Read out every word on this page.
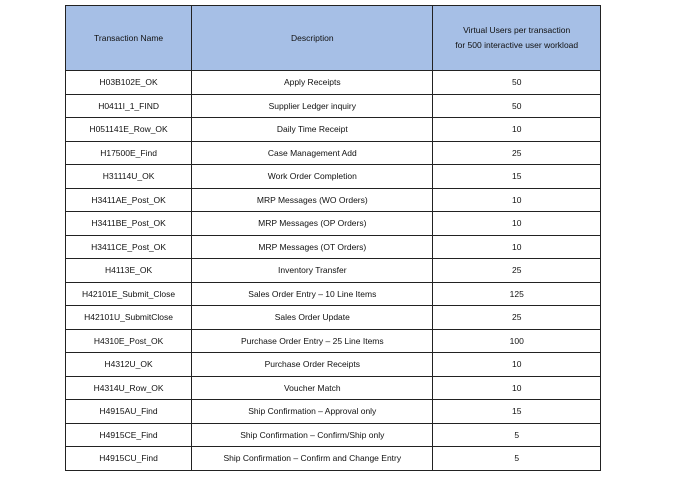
Transaction Name	Description	Virtual Users per transaction
for 500 interactive user workload

H03B102E_OK	Apply Receipts	50
H0411I_1_FIND	Supplier Ledger inquiry	50
H051141E_Row_OK	Daily Time Receipt	10
H17500E_Find	Case Management Add	25
H31114U_OK	Work Order Completion	15
H3411AE_Post_OK	MRP Messages (WO Orders)	10
H3411BE_Post_OK	MRP Messages (OP Orders)	10
H3411CE_Post_OK	MRP Messages (OT Orders)	10
H4113E_OK	Inventory Transfer	25
H42101E_Submit_Close	Sales Order Entry – 10 Line Items	125
H42101U_SubmitClose	Sales Order Update	25
H4310E_Post_OK	Purchase Order Entry – 25 Line Items	100
H4312U_OK	Purchase Order Receipts	10
H4314U_Row_OK	Voucher Match	10
H4915AU_Find	Ship Confirmation – Approval only	15
H4915CE_Find	Ship Confirmation – Confirm/Ship only	5
H4915CU_Find	Ship Confirmation – Confirm and Change Entry	5
